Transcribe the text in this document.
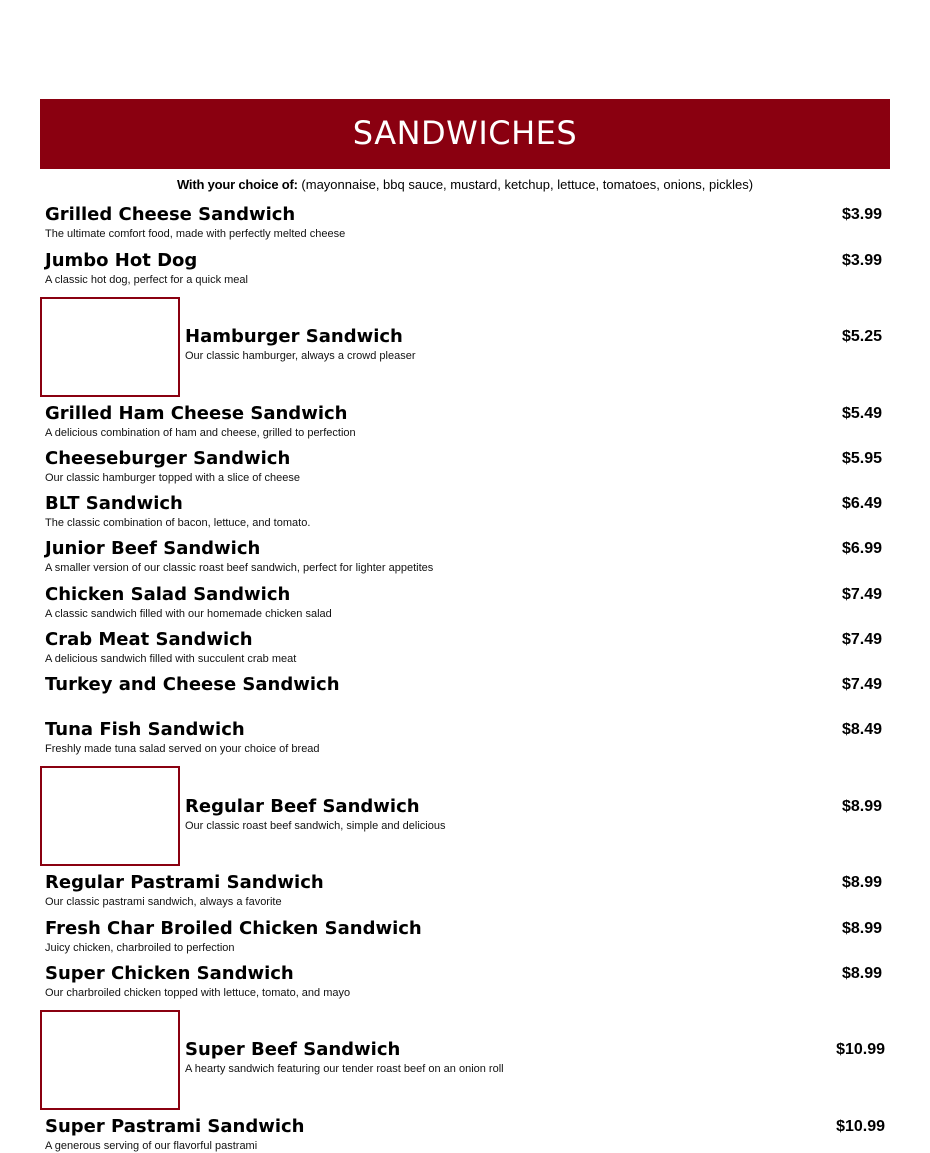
SANDWICHES
With your choice of: (mayonnaise, bbq sauce, mustard, ketchup, lettuce, tomatoes, onions, pickles)
Grilled Cheese Sandwich
The ultimate comfort food, made with perfectly melted cheese
$3.99
Jumbo Hot Dog
A classic hot dog, perfect for a quick meal
$3.99
Hamburger Sandwich
Our classic hamburger, always a crowd pleaser
$5.25
Grilled Ham Cheese Sandwich
A delicious combination of ham and cheese, grilled to perfection
$5.49
Cheeseburger Sandwich
Our classic hamburger topped with a slice of cheese
$5.95
BLT Sandwich
The classic combination of bacon, lettuce, and tomato.
$6.49
Junior Beef Sandwich
A smaller version of our classic roast beef sandwich, perfect for lighter appetites
$6.99
Chicken Salad Sandwich
A classic sandwich filled with our homemade chicken salad
$7.49
Crab Meat Sandwich
A delicious sandwich filled with succulent crab meat
$7.49
Turkey and Cheese Sandwich	$7.49
Tuna Fish Sandwich
Freshly made tuna salad served on your choice of bread
$8.49
Regular Beef Sandwich
Our classic roast beef sandwich, simple and delicious
$8.99
Regular Pastrami Sandwich
Our classic pastrami sandwich, always a favorite
$8.99
Fresh Char Broiled Chicken Sandwich
Juicy chicken, charbroiled to perfection
$8.99
Super Chicken Sandwich
Our charbroiled chicken topped with lettuce, tomato, and mayo
$8.99
Super Beef Sandwich
A hearty sandwich featuring our tender roast beef on an onion roll
$10.99
Super Pastrami Sandwich
A generous serving of our flavorful pastrami
$10.99
